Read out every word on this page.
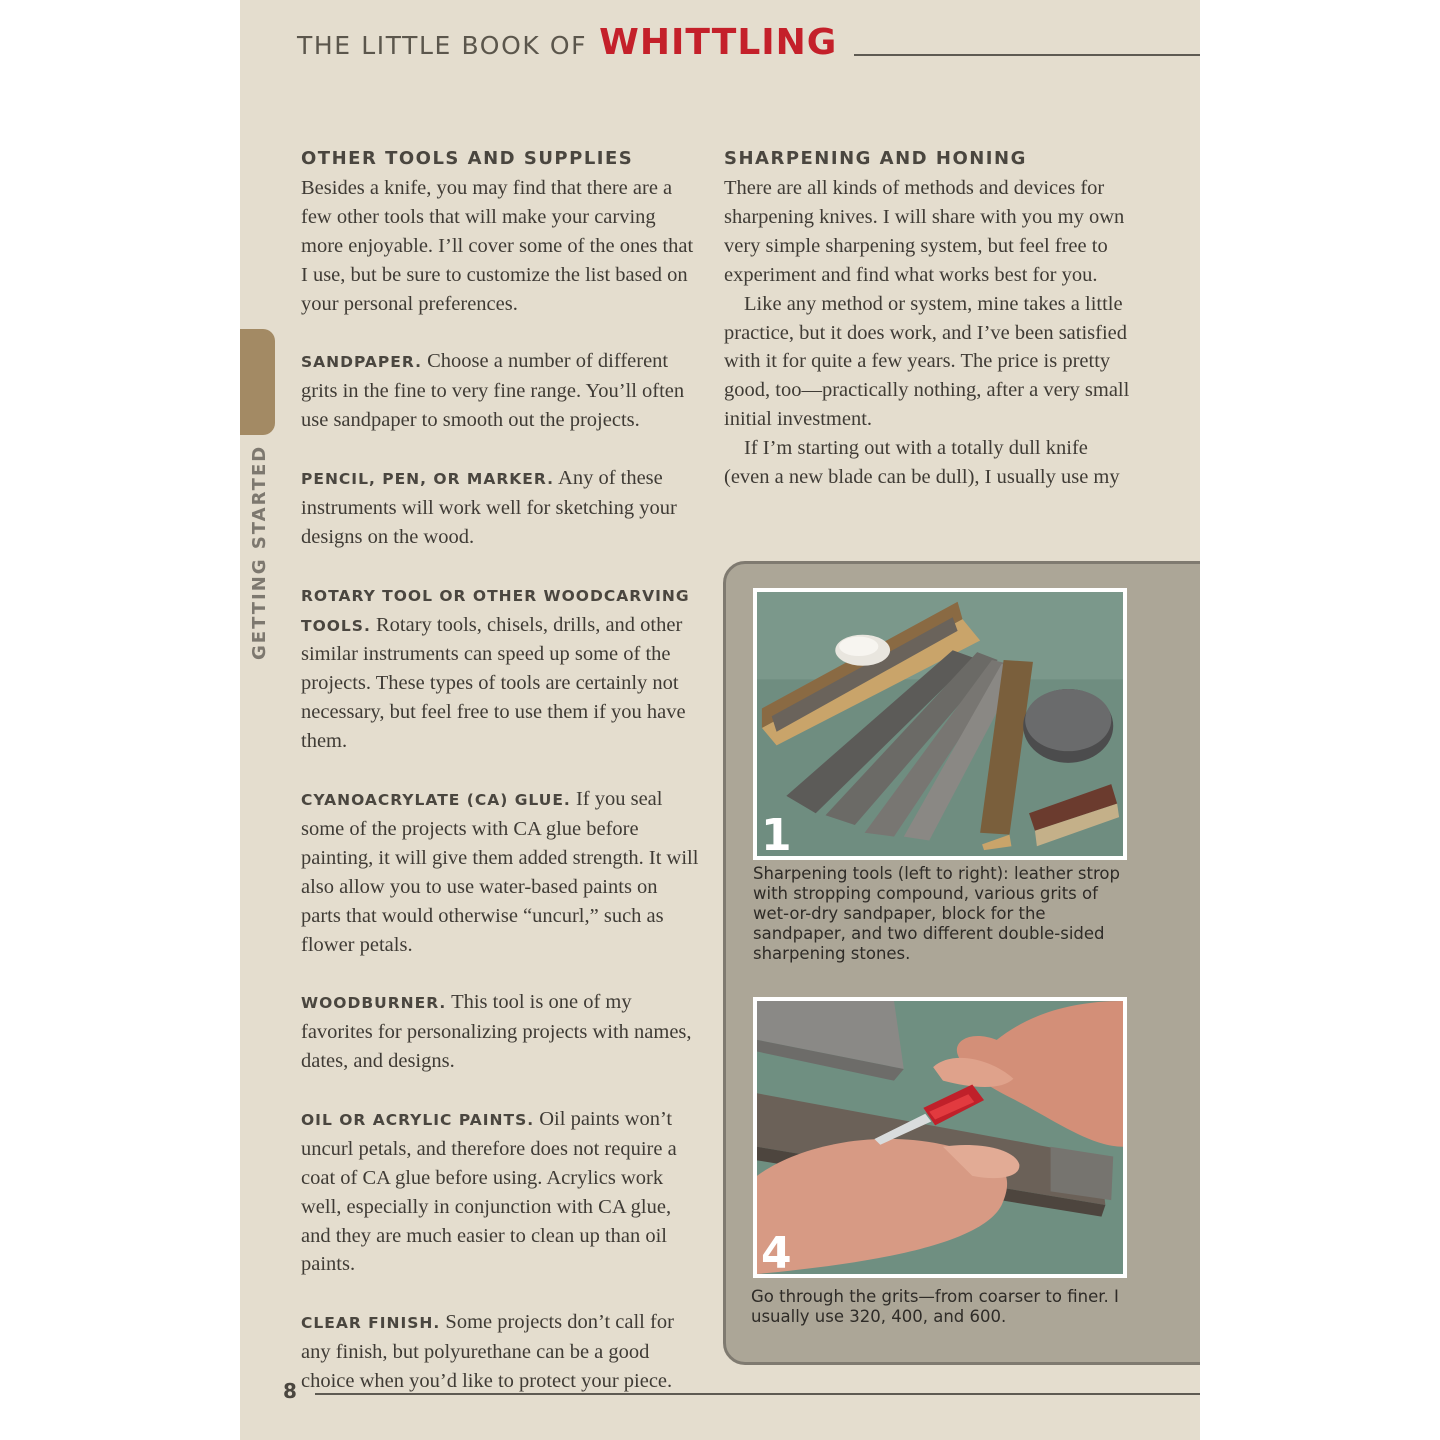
THE LITTLE BOOK OF WHITTLING
GETTING STARTED
OTHER TOOLS AND SUPPLIES

Besides a knife, you may find that there are a few other tools that will make your carving more enjoyable. I’ll cover some of the ones that I use, but be sure to customize the list based on your personal preferences.

SANDPAPER. Choose a number of different grits in the fine to very fine range. You’ll often use sandpaper to smooth out the projects.

PENCIL, PEN, OR MARKER. Any of these instruments will work well for sketching your designs on the wood.

ROTARY TOOL OR OTHER WOODCARVING TOOLS. Rotary tools, chisels, drills, and other similar instruments can speed up some of the projects. These types of tools are certainly not necessary, but feel free to use them if you have them.

CYANOACRYLATE (CA) GLUE. If you seal some of the projects with CA glue before painting, it will give them added strength. It will also allow you to use water-based paints on parts that would otherwise “uncurl,” such as flower petals.

WOODBURNER. This tool is one of my favorites for personalizing projects with names, dates, and designs.

OIL OR ACRYLIC PAINTS. Oil paints won’t uncurl petals, and therefore does not require a coat of CA glue before using. Acrylics work well, especially in conjunction with CA glue, and they are much easier to clean up than oil paints.

CLEAR FINISH. Some projects don’t call for any finish, but polyurethane can be a good choice when you’d like to protect your piece.

SHARPENING AND HONING

There are all kinds of methods and devices for sharpening knives. I will share with you my own very simple sharpening system, but feel free to experiment and find what works best for you.

Like any method or system, mine takes a little practice, but it does work, and I’ve been satisfied with it for quite a few years. The price is pretty good, too—practically nothing, after a very small initial investment.

If I’m starting out with a totally dull knife (even a new blade can be dull), I usually use my

1
Sharpening tools (left to right): leather strop with stropping compound, various grits of wet-or-dry sandpaper, block for the sandpaper, and two different double-sided sharpening stones.
4
Go through the grits—from coarser to finer. I usually use 320, 400, and 600.
8
